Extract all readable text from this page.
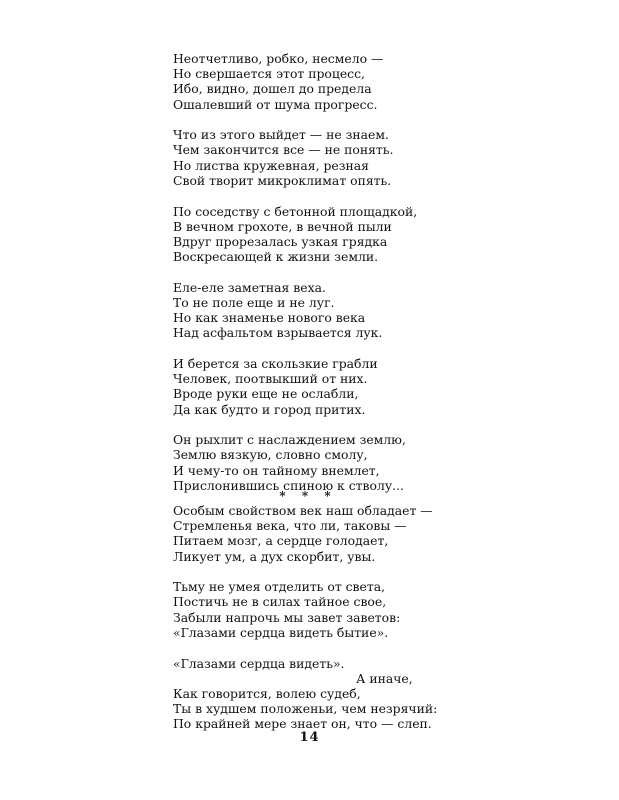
Неотчетливо, робко, несмело —
Но свершается этот процесс,
Ибо, видно, дошел до предела
Ошалевший от шума прогресс.
Что из этого выйдет — не знаем.
Чем закончится все — не понять.
Но листва кружевная, резная
Свой творит микроклимат опять.
По соседству с бетонной площадкой,
В вечном грохоте, в вечной пыли
Вдруг прорезалась узкая грядка
Воскресающей к жизни земли.
Еле-еле заметная веха.
То не поле еще и не луг.
Но как знаменье нового века
Над асфальтом взрывается лук.
И берется за скользкие грабли
Человек, поотвыкший от них.
Вроде руки еще не ослабли,
Да как будто и город притих.
Он рыхлит с наслаждением землю,
Землю вязкую, словно смолу,
И чему-то он тайному внемлет,
Прислонившись спиною к стволу...
* * *
Особым свойством век наш обладает —
Стремленья века, что ли, таковы —
Питаем мозг, а сердце голодает,
Ликует ум, а дух скорбит, увы.
Тьму не умея отделить от света,
Постичь не в силах тайное свое,
Забыли напрочь мы завет заветов:
«Глазами сердца видеть бытие».
«Глазами сердца видеть».
А иначе,
Как говорится, волею судеб,
Ты в худшем положеньи, чем незрячий:
По крайней мере знает он, что — слеп.
14
